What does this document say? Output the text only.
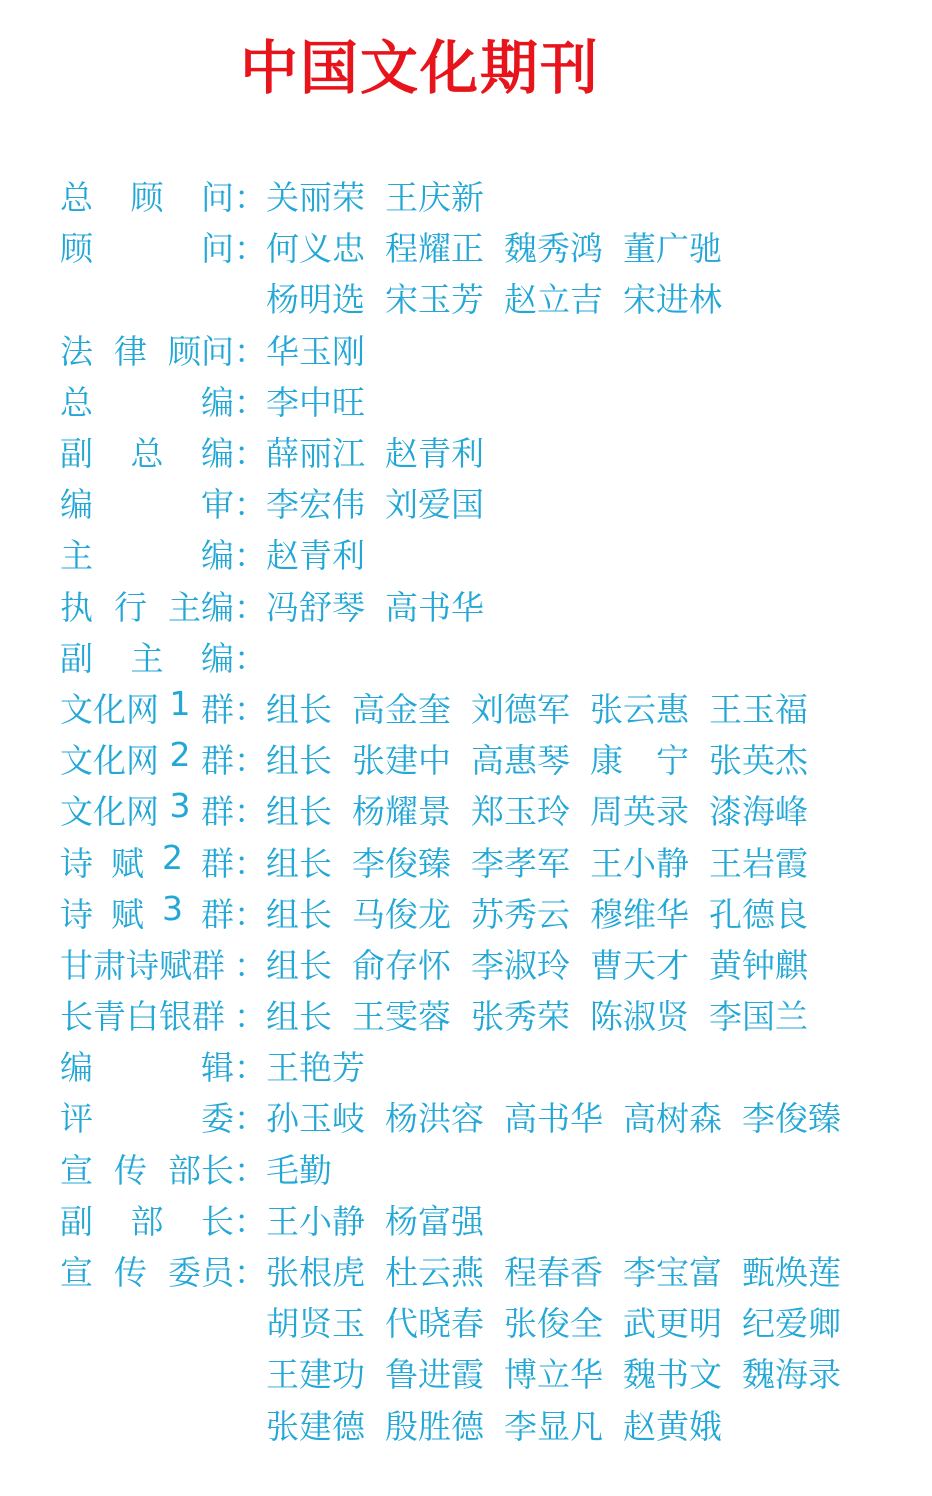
中国文化期刊
总 顾 问 ： 关丽荣 王庆新
顾	问 ： 何义忠 程耀正 魏秀鸿 董广驰
杨明选 宋玉芳 赵立吉 宋进林
法 律 顾问 ： 华玉刚
总	编 ： 李中旺
副 总 编 ： 薛丽江 赵青利
编	审 ： 李宏伟 刘爱国
主	编 ： 赵青利
执 行 主编 ： 冯舒琴 高书华
副 主 编 ：
文化网 1 群 ： 组长 高金奎 刘德军 张云惠 王玉福
文化网 2 群 ： 组长 张建中 高惠琴 康　宁 张英杰
文化网 3 群 ： 组长 杨耀景 郑玉玲 周英录 漆海峰
诗 赋 2 群 ： 组长 李俊臻 李孝军 王小静 王岩霞
诗 赋 3 群 ： 组长 马俊龙 苏秀云 穆维华 孔德良
甘肃诗赋群 ： 组长 俞存怀 李淑玲 曹天才 黄钟麒
长青白银群 ： 组长 王雯蓉 张秀荣 陈淑贤 李国兰
编	辑 ： 王艳芳
评	委 ： 孙玉岐 杨洪容 高书华 高树森 李俊臻
宣 传 部长 ： 毛勤
副 部 长 ： 王小静 杨富强
宣 传 委员 ： 张根虎 杜云燕 程春香 李宝富 甄焕莲
胡贤玉 代晓春 张俊全 武更明 纪爱卿
王建功 鲁进霞 博立华 魏书文 魏海录
张建德 殷胜德 李显凡 赵黄娥
